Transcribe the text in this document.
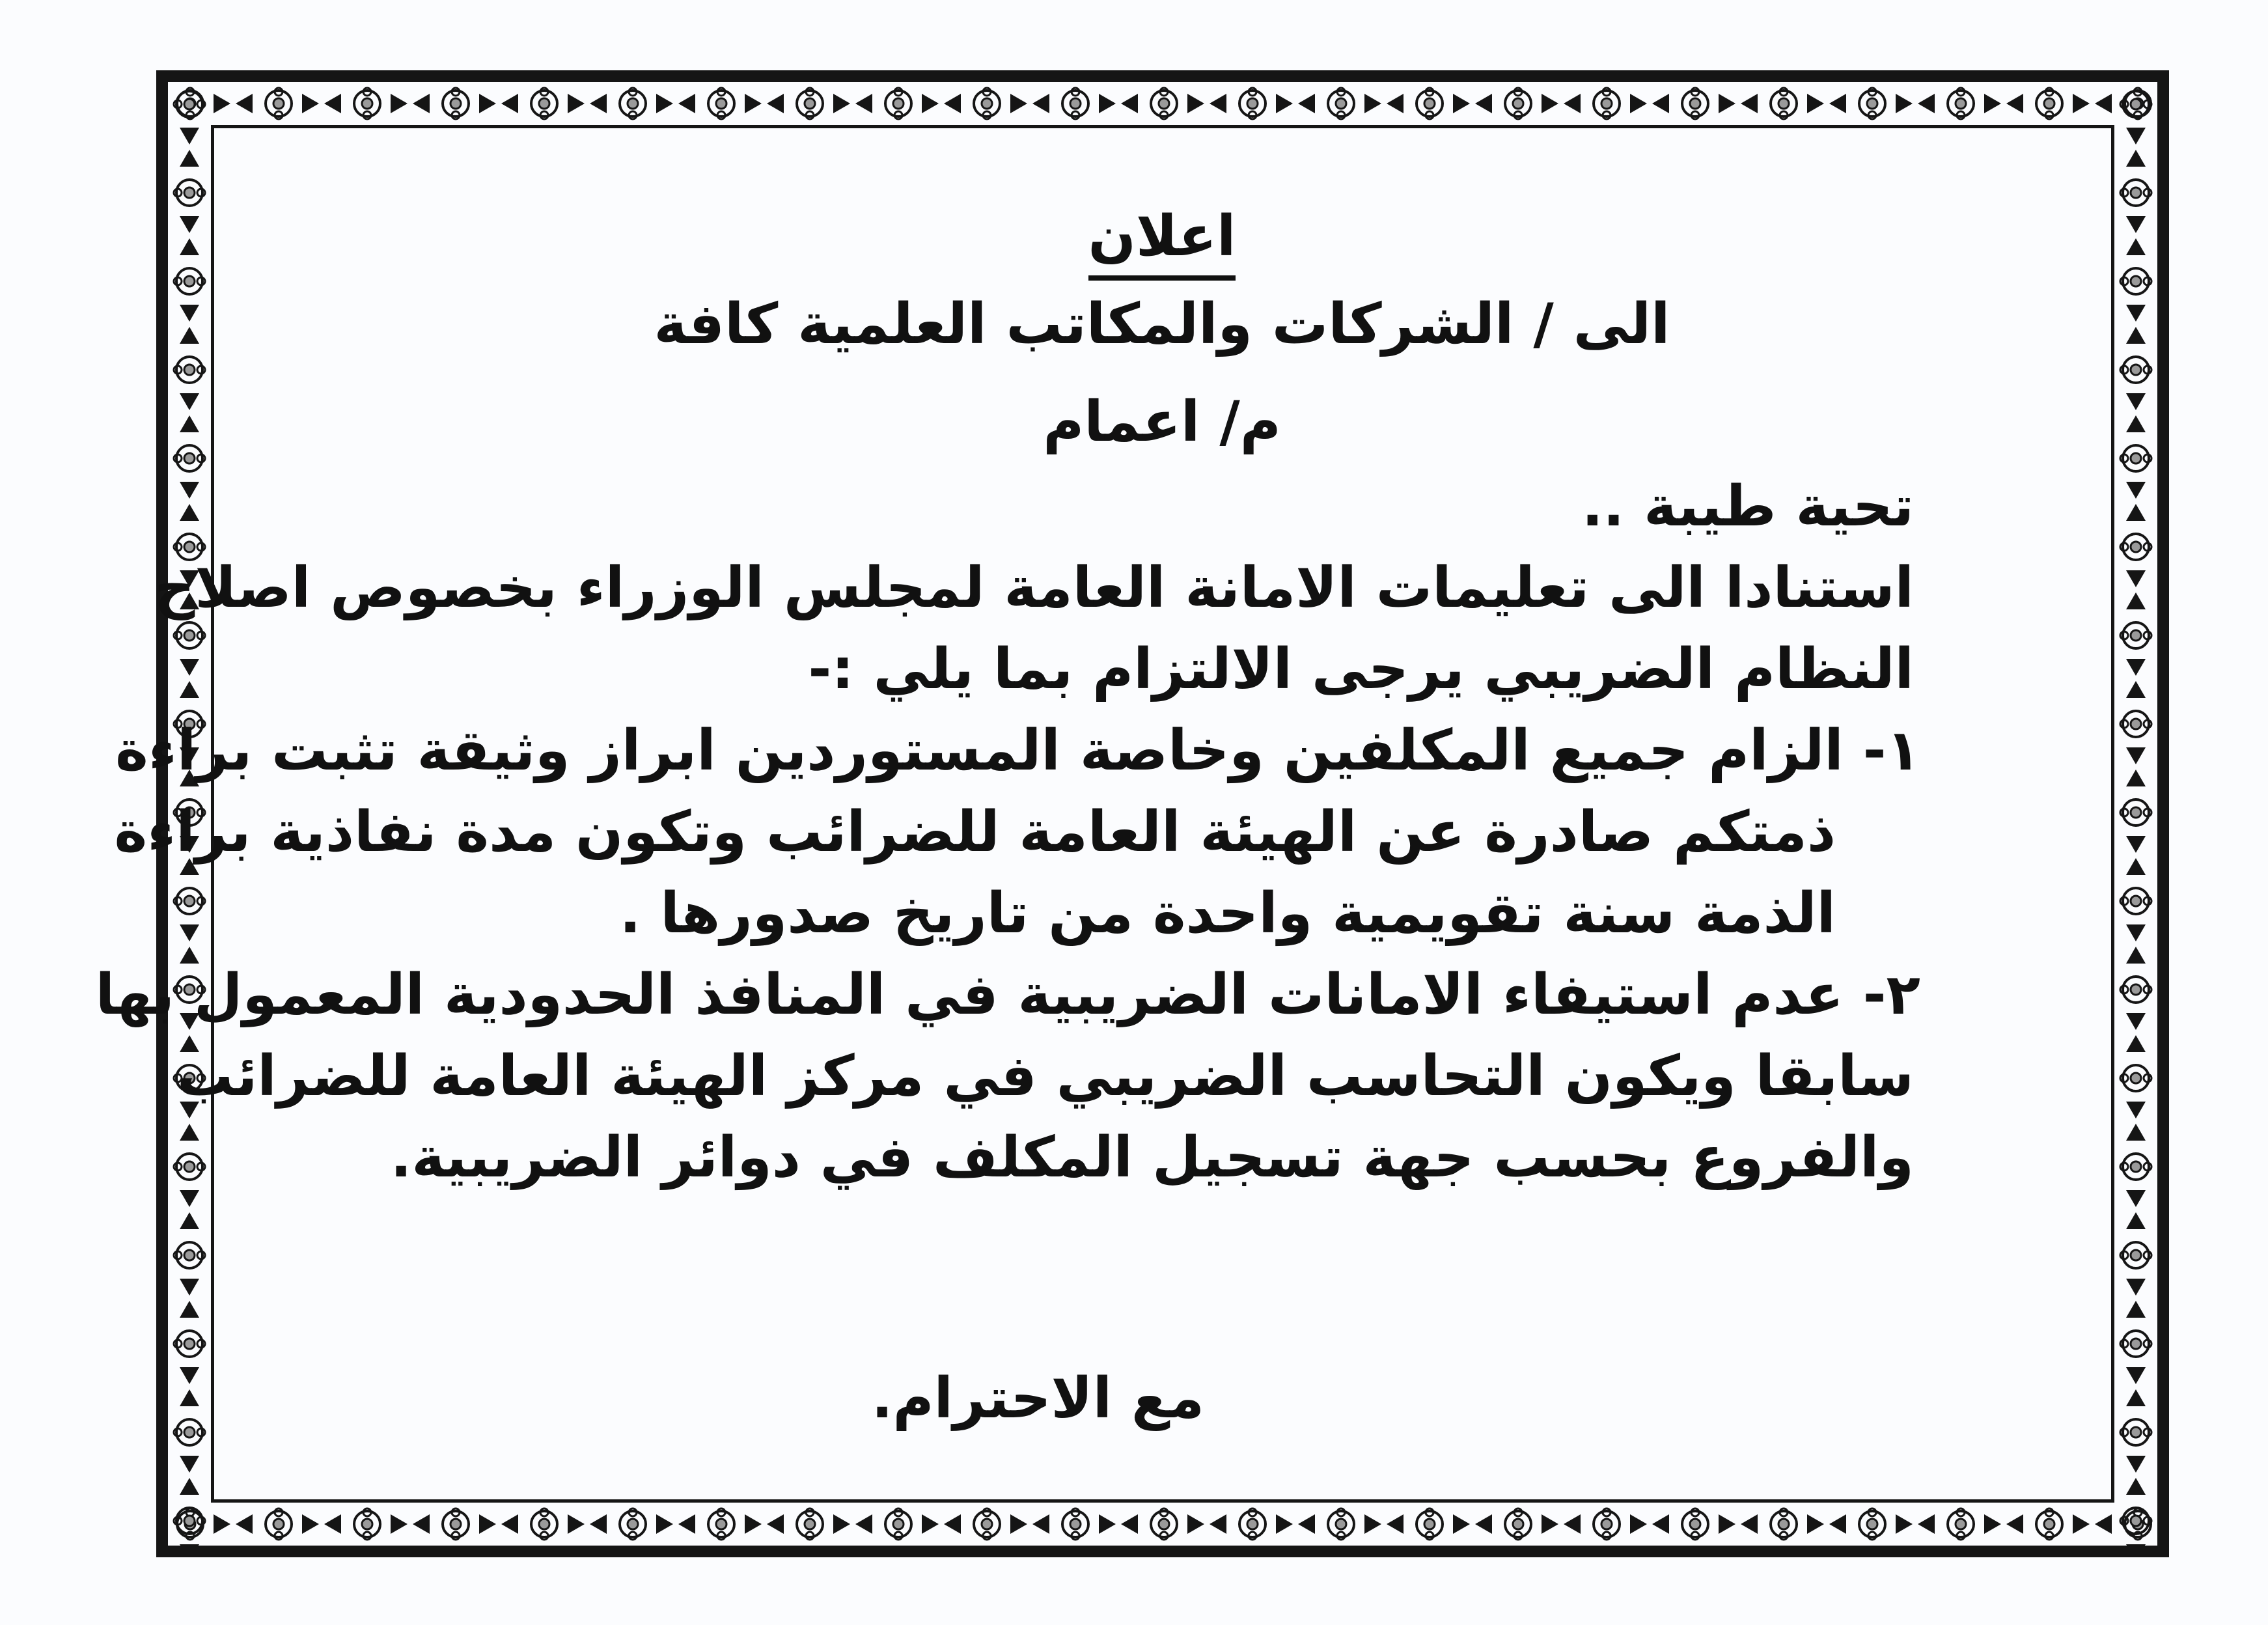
اعلان
الى / الشركات والمكاتب العلمية كافة
م/ اعمام
تحية طيبة ..
استنادا الى تعليمات الامانة العامة لمجلس الوزراء بخصوص اصلاح
النظام الضريبي يرجى الالتزام بما يلي :-
١- الزام جميع المكلفين وخاصة المستوردين ابراز وثيقة تثبت براءة
ذمتكم صادرة عن الهيئة العامة للضرائب وتكون مدة نفاذية براءة
الذمة سنة تقويمية واحدة من تاريخ صدورها .
٢- عدم استيفاء الامانات الضريبية في المنافذ الحدودية المعمول بها
سابقا ويكون التحاسب الضريبي في مركز الهيئة العامة للضرائب
والفروع بحسب جهة تسجيل المكلف في دوائر الضريبية.
مع الاحترام.
